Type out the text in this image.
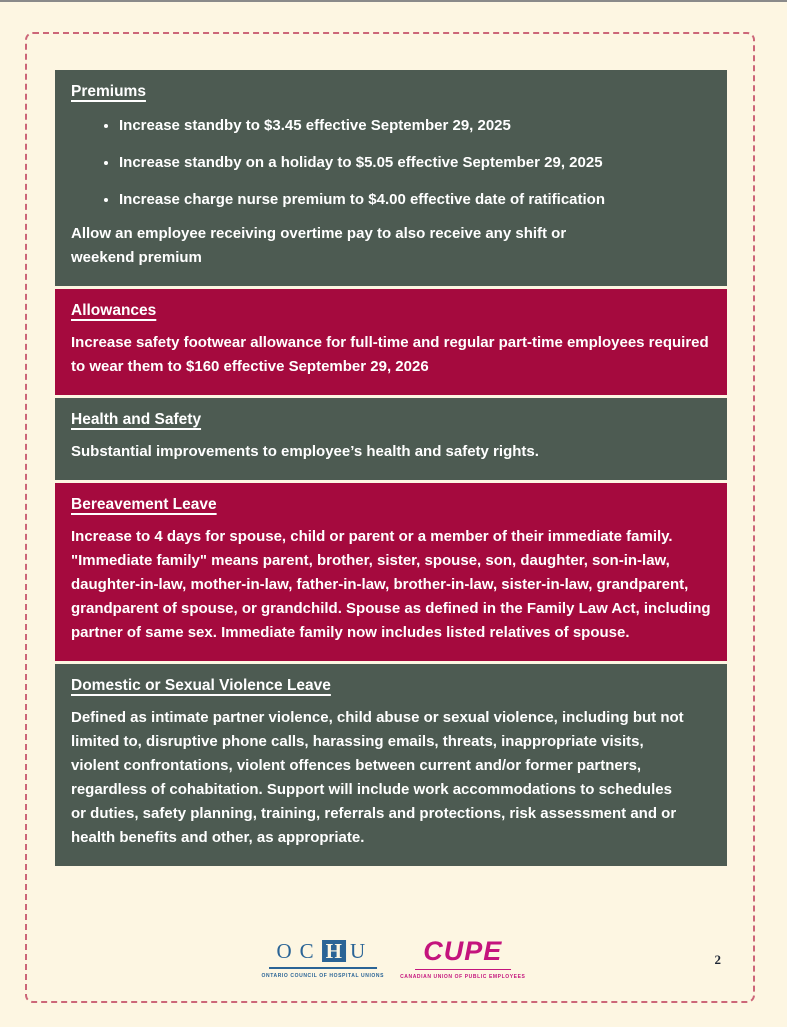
Premiums
• Increase standby to $3.45 effective September 29, 2025
• Increase standby on a holiday to $5.05 effective September 29, 2025
• Increase charge nurse premium to $4.00 effective date of ratification

Allow an employee receiving overtime pay to also receive any shift or weekend premium

Allowances

Increase safety footwear allowance for full-time and regular part-time employees required to wear them to $160 effective September 29, 2026

Health and Safety

Substantial improvements to employee’s health and safety rights.

Bereavement Leave

Increase to 4 days for spouse, child or parent or a member of their immediate family. "Immediate family" means parent, brother, sister, spouse, son, daughter, son-in-law, daughter-in-law, mother-in-law, father-in-law, brother-in-law, sister-in-law, grandparent, grandparent of spouse, or grandchild. Spouse as defined in the Family Law Act, including partner of same sex. Immediate family now includes listed relatives of spouse.

Domestic or Sexual Violence Leave

Defined as intimate partner violence, child abuse or sexual violence, including but not limited to, disruptive phone calls, harassing emails, threats, inappropriate visits, violent confrontations, violent offences between current and/or former partners, regardless of cohabitation. Support will include work accommodations to schedules or duties, safety planning, training, referrals and protections, risk assessment and or health benefits and other, as appropriate.

O C H U
ONTARIO COUNCIL OF HOSPITAL UNIONS
CUPE
CANADIAN UNION OF PUBLIC EMPLOYEES
2
